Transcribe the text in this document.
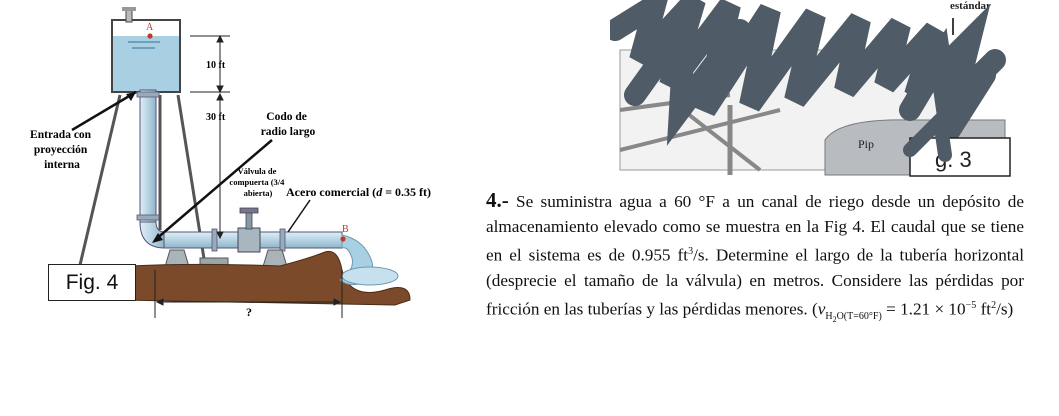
Pip
estándar
m
g. 3
A
B
10 ft
30 ft
Entrada con proyección interna
Codo de radio largo
Válvula de compuerta (3/4 abierta)	Acero comercial (d = 0.35 ft)
?
Fig. 4
4.- Se suministra agua a 60 °F a un canal de riego desde un depósito de almacenamiento elevado como se muestra en la Fig 4. El caudal que se tiene en el sistema es de 0.955 $ft^3/s$. Determine el largo de la tubería horizontal (desprecie el tamaño de la válvula) en metros. Considere las pérdidas por fricción en las tuberías y las pérdidas menores. ($\nu_{H_2O(T=60^\circ F)} = 1.21 \times 10^{-5}$ $ft^2/s$)
